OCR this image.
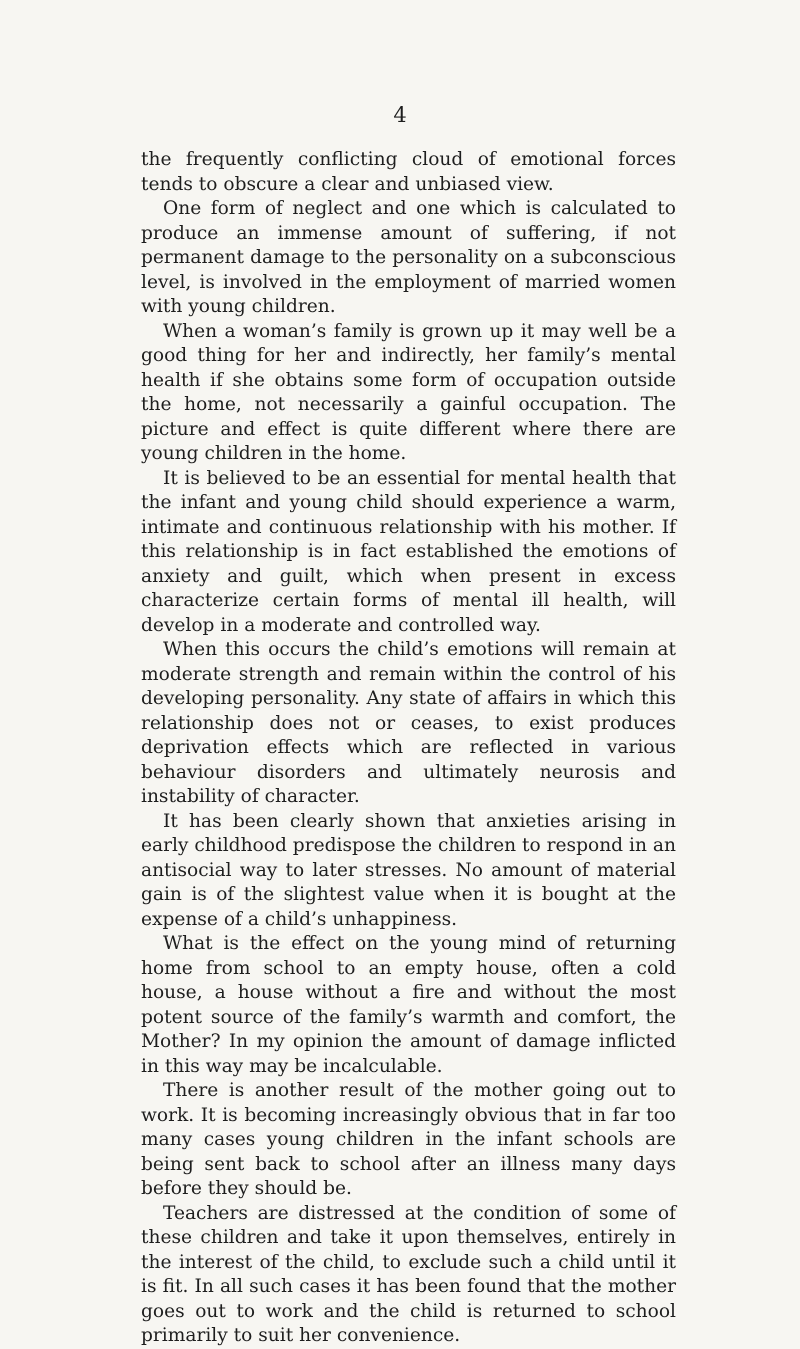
4

the frequently conflicting cloud of emotional forces tends to obscure a clear and unbiased view.

One form of neglect and one which is calculated to produce an immense amount of suffering, if not permanent damage to the personality on a subconscious level, is involved in the employment of married women with young children.

When a woman’s family is grown up it may well be a good thing for her and indirectly, her family’s mental health if she obtains some form of occupation outside the home, not necessarily a gainful occupation. The picture and effect is quite different where there are young children in the home.

It is believed to be an essential for mental health that the infant and young child should experience a warm, intimate and continuous relationship with his mother. If this relationship is in fact established the emotions of anxiety and guilt, which when present in excess characterize certain forms of mental ill health, will develop in a moderate and controlled way.

When this occurs the child’s emotions will remain at moderate strength and remain within the control of his developing personality. Any state of affairs in which this relationship does not or ceases, to exist produces deprivation effects which are reflected in various behaviour disorders and ultimately neurosis and instability of character.

It has been clearly shown that anxieties arising in early childhood predispose the children to respond in an antisocial way to later stresses. No amount of material gain is of the slightest value when it is bought at the expense of a child’s unhappiness.

What is the effect on the young mind of returning home from school to an empty house, often a cold house, a house without a fire and without the most potent source of the family’s warmth and comfort, the Mother? In my opinion the amount of damage inflicted in this way may be incalculable.

There is another result of the mother going out to work. It is becoming increasingly obvious that in far too many cases young children in the infant schools are being sent back to school after an illness many days before they should be.

Teachers are distressed at the condition of some of these children and take it upon themselves, entirely in the interest of the child, to exclude such a child until it is fit. In all such cases it has been found that the mother goes out to work and the child is returned to school primarily to suit her convenience.
